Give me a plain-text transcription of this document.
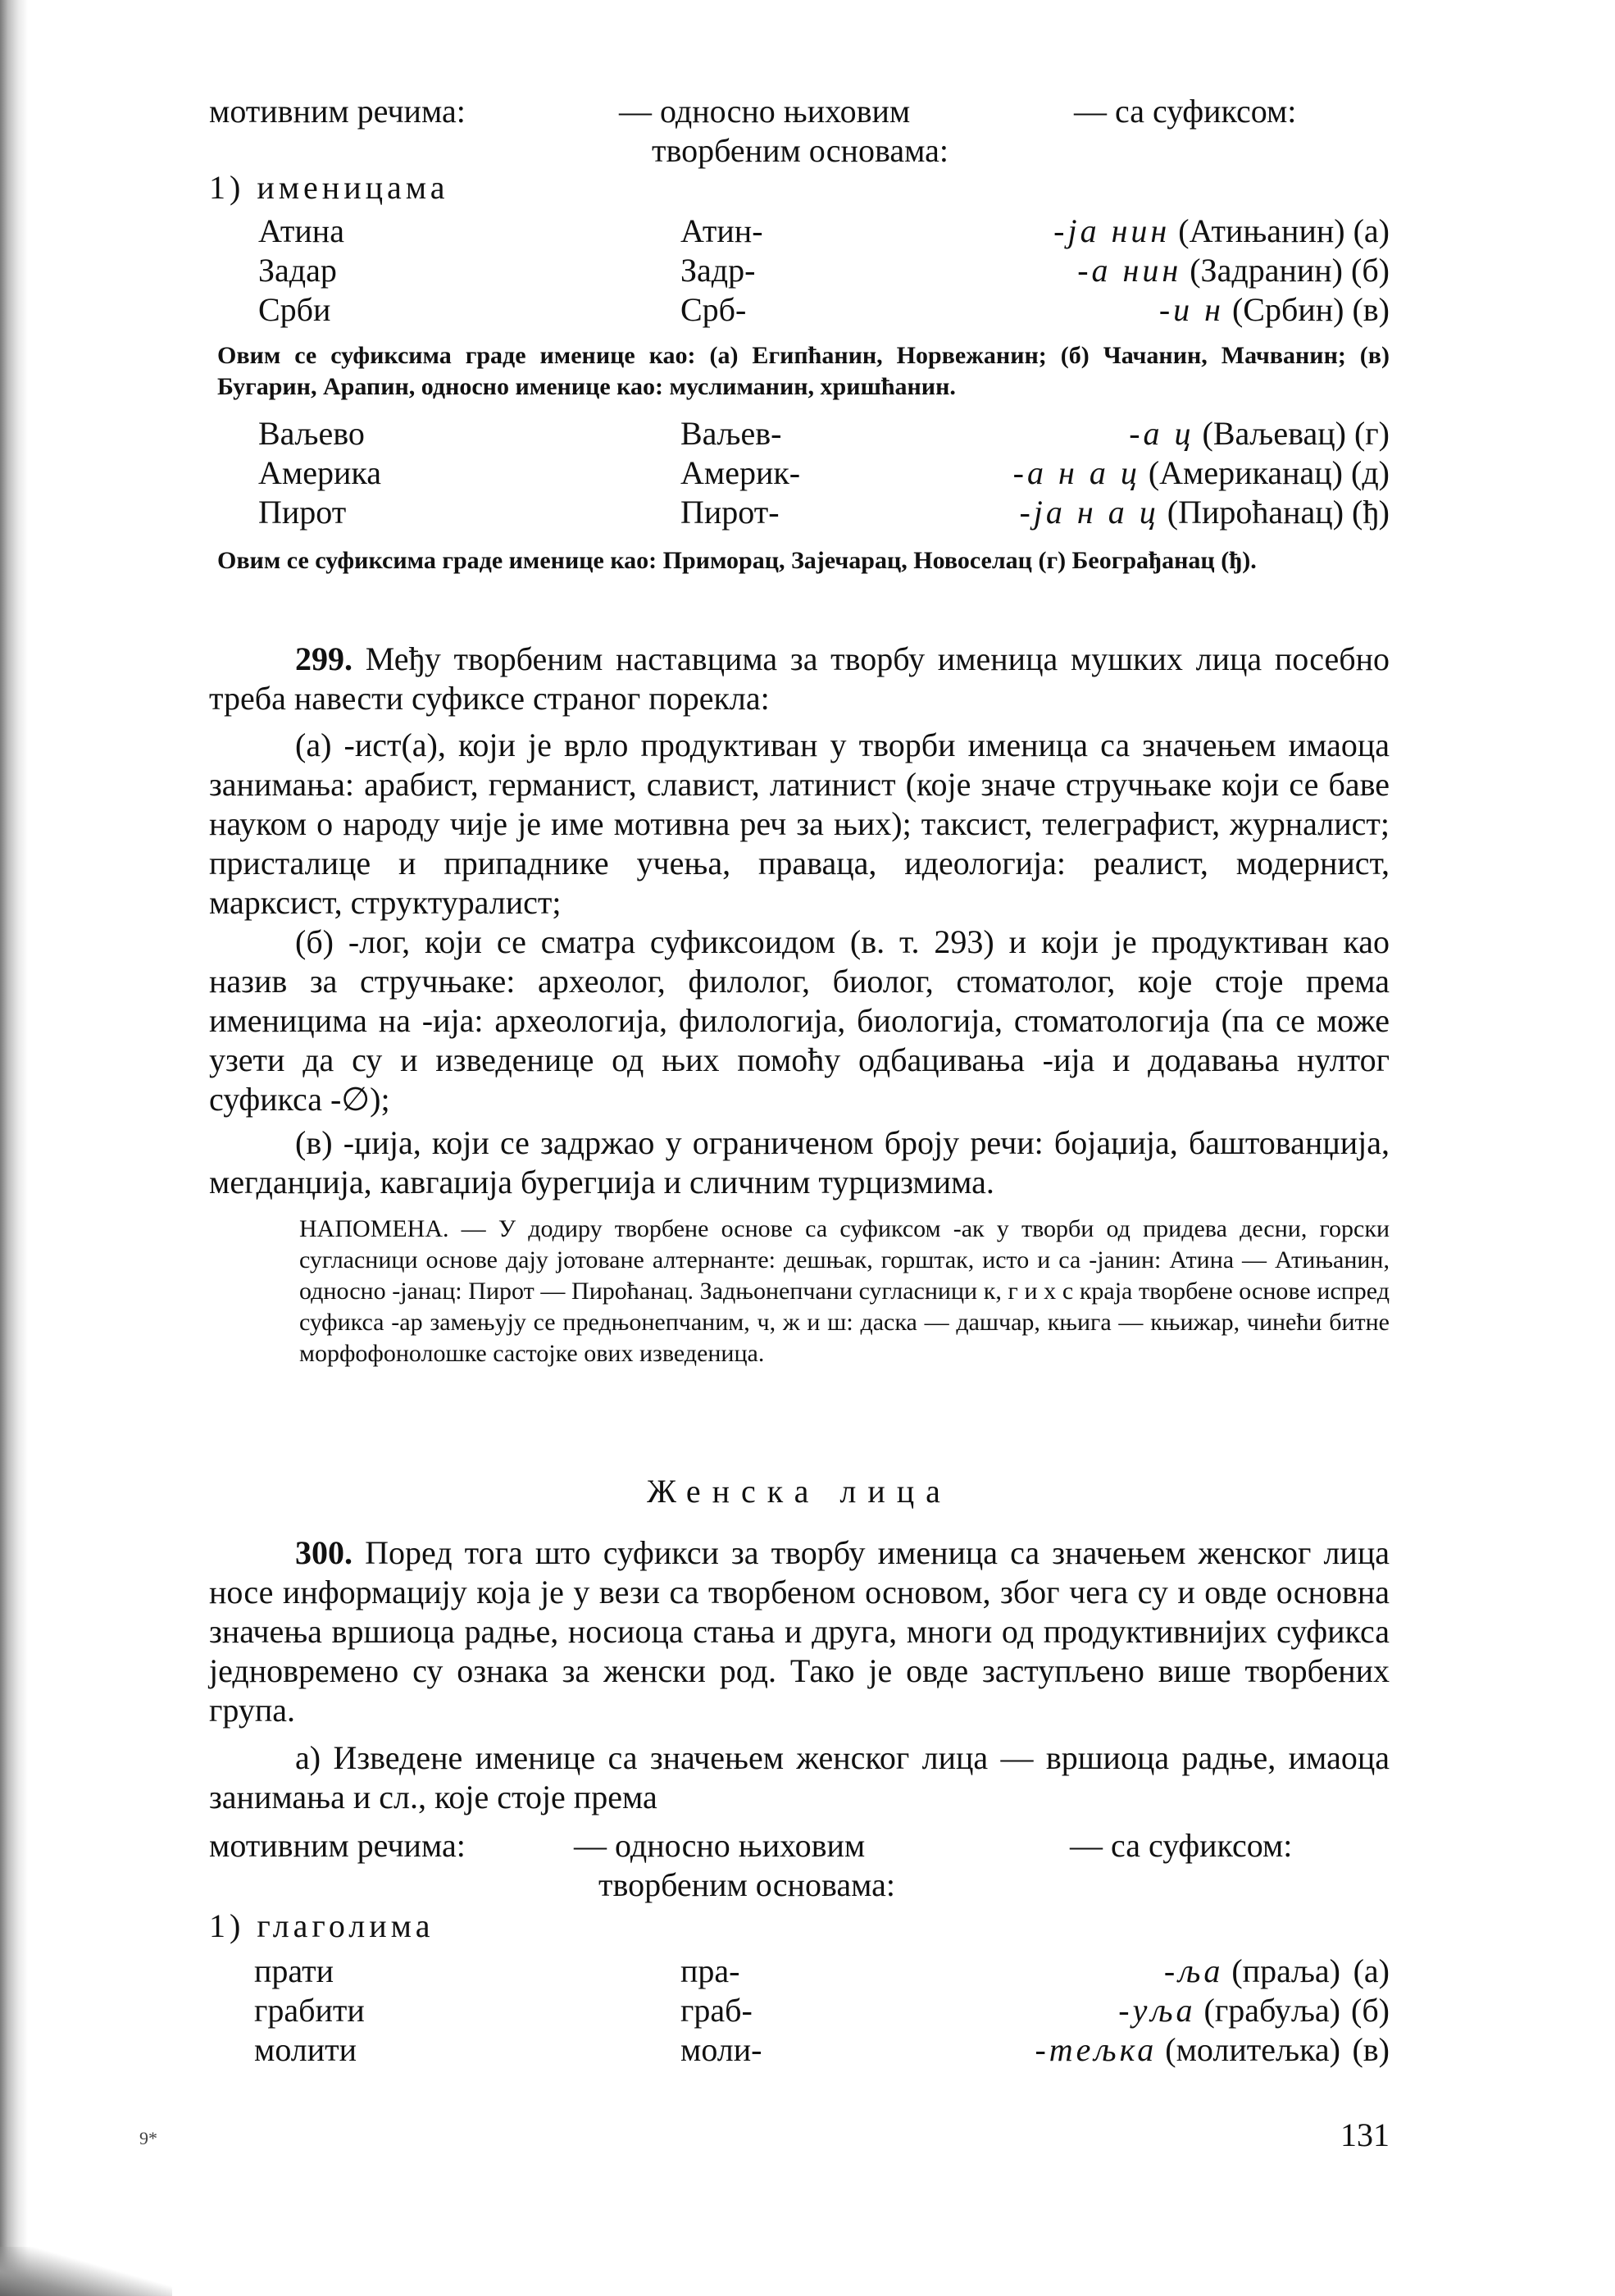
мотивним речима:	— односно њиховим
творбеним основама:
— са суфиксом:
1) именицама
Атина	Атин-	-ја нин (Атињанин) (а)
Задар	Задр-	-а нин (Задранин) (б)
Срби	Срб-	-и н (Србин) (в)
Овим се суфиксима граде именице као: (а) Египћанин, Норвежанин; (б) Чачанин, Мачванин; (в) Бугарин, Арапин, односно именице као: муслиманин, хришћанин.
Ваљево	Ваљев-	-а ц (Ваљевац) (г)
Америка	Америк-	-а н а ц (Американац) (д)
Пирот	Пирот-	-ја н а ц (Пироћанац) (ђ)
Овим се суфиксима граде именице као: Приморац, Зајечарац, Новоселац (г) Београђанац (ђ).
299. Међу творбеним наставцима за творбу именица мушких лица посебно треба навести суфиксе страног порекла:
(а) -ист(а), који је врло продуктиван у творби именица са значењем имаоца занимања: арабист, германист, славист, латинист (које значе стручњаке који се баве науком о народу чије је име мотивна реч за њих); таксист, телеграфист, журналист; присталице и припаднике учења, праваца, идеологија: реалист, модернист, марксист, структуралист;
(б) -лог, који се сматра суфиксоидом (в. т. 293) и који је продуктиван као назив за стручњаке: археолог, филолог, биолог, стоматолог, које стоје према именицима на -ија: археологија, филологија, биологија, стоматологија (па се може узети да су и изведенице од њих помоћу одбацивања -ија и додавања нултог суфикса -∅);
(в) -џија, који се задржао у ограниченом броју речи: бојаџија, баштованџија, мегданџија, кавгаџија бурегџија и сличним турцизмима.
НАПОМЕНА. — У додиру творбене основе са суфиксом -ак у творби од придева десни, горски сугласници основе дају јотоване алтернанте: дешњак, горштак, исто и са -јанин: Атина — Атињанин, односно -јанац: Пирот — Пироћанац. Задњонепчани сугласници к, г и х с краја творбене основе испред суфикса -ар замењују се предњонепчаним, ч, ж и ш: даска — дашчар, књига — књижар, чинећи битне морфофонолошке састојке ових изведеница.
Женска лица
300. Поред тога што суфикси за творбу именица са значењем женског лица носе информацију која је у вези са творбеном основом, због чега су и овде основна значења вршиоца радње, носиоца стања и друга, многи од продуктивнијих суфикса једновремено су ознака за женски род. Тако је овде заступљено више творбених група.
а) Изведене именице са значењем женског лица — вршиоца радње, имаоца занимања и сл., које стоје према
мотивним речима:	— односно њиховим
творбеним основама:
— са суфиксом:
1) глаголима
прати	пра-	-ља (праља) (а)
грабити	граб-	-уља (грабуља) (б)
молити	моли-	-тељка (молитељка) (в)
9*	131
